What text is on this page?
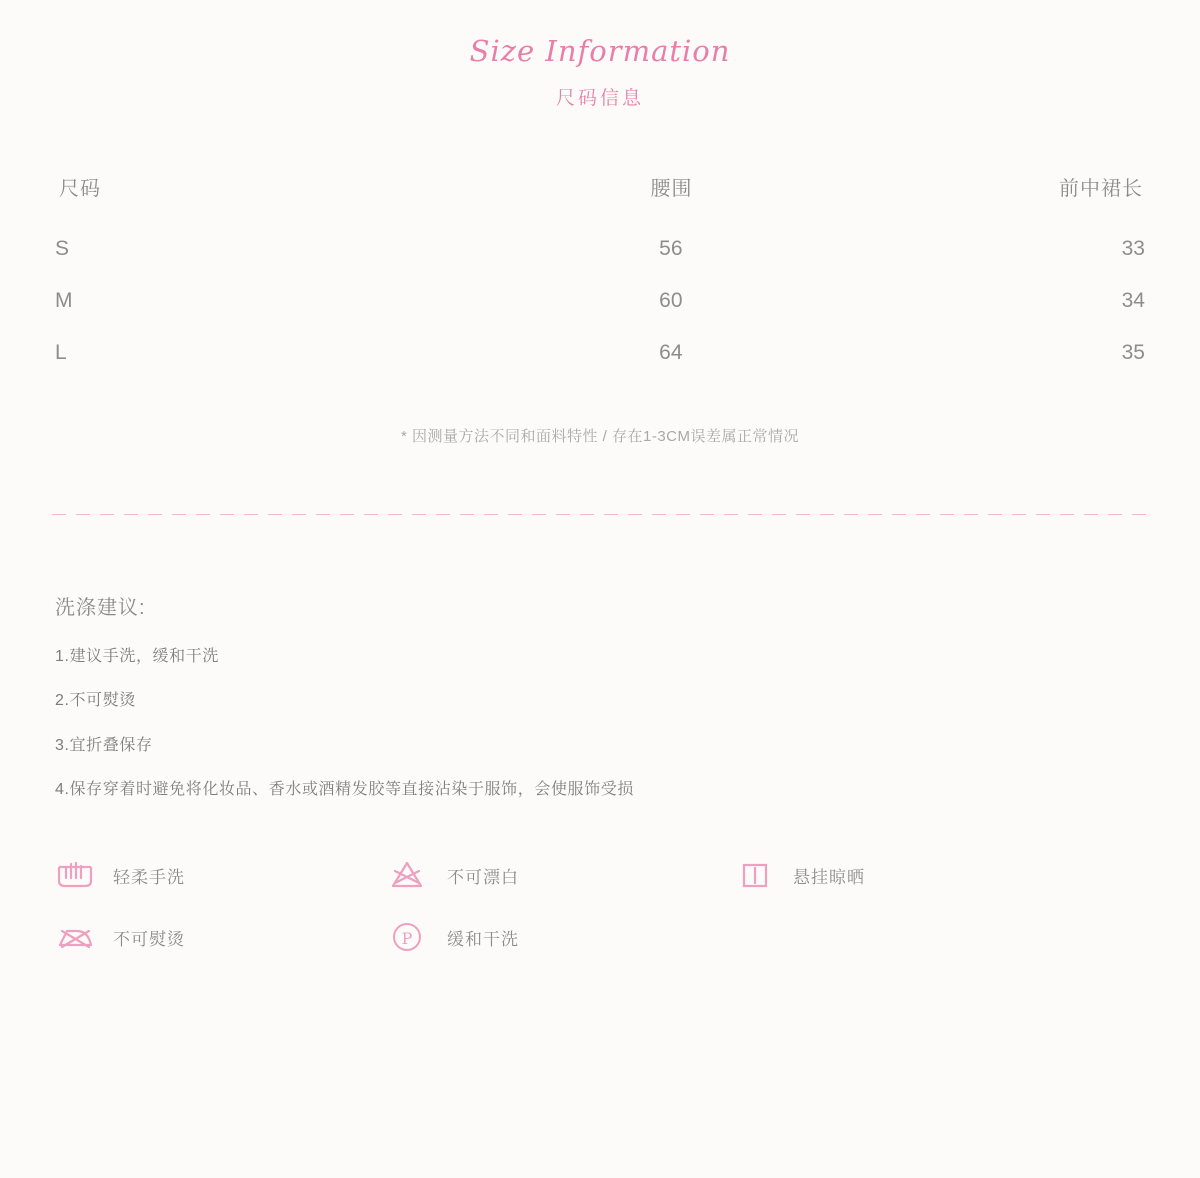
Size Information
尺码信息
尺码	腰围	前中裙长
S	56	33
M	60	34
L	64	35
* 因测量方法不同和面料特性 / 存在1-3CM误差属正常情况
洗涤建议:
1.建议手洗，缓和干洗
2.不可熨烫
3.宜折叠保存
4.保存穿着时避免将化妆品、香水或酒精发胶等直接沾染于服饰，会使服饰受损
轻柔手洗	不可漂白	悬挂晾晒
不可熨烫	P 缓和干洗
